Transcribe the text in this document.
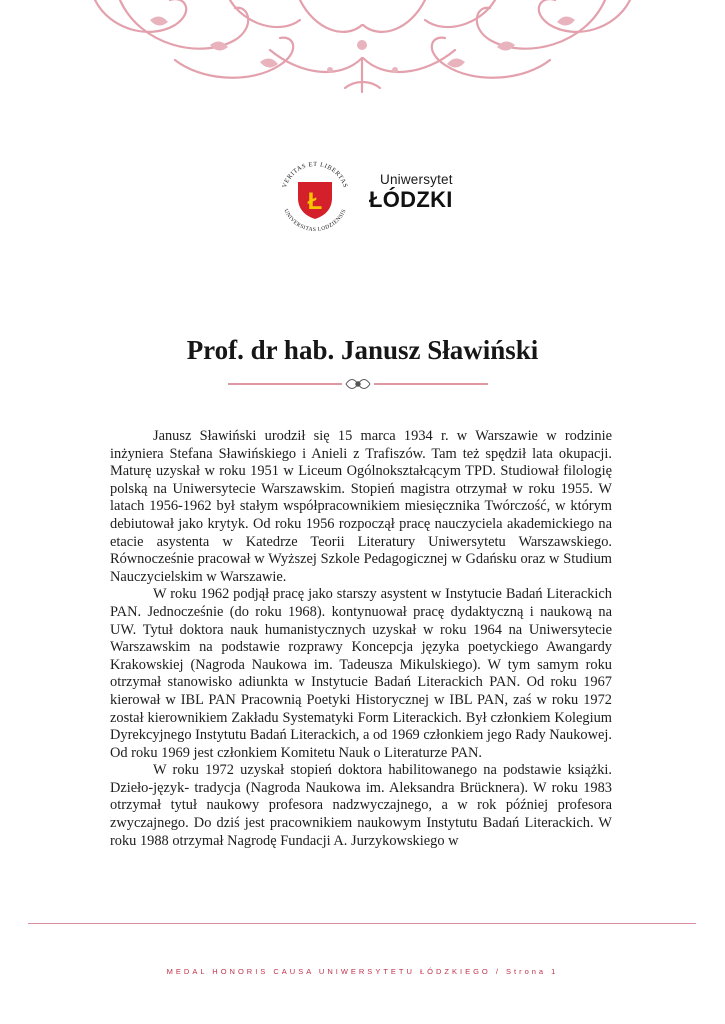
VERITAS ET LIBERTAS
UNIVERSITAS LODZIENSIS
Ł
Uniwersytet
ŁÓDZKI
Prof. dr hab. Janusz Sławiński

Janusz Sławiński urodził się 15 marca 1934 r. w Warszawie w rodzinie inżyniera Stefana Sławińskiego i Anieli z Trafiszów. Tam też spędził lata okupacji. Maturę uzyskał w roku 1951 w Liceum Ogólnokształcącym TPD. Studiował filologię polską na Uniwersytecie Warszawskim. Stopień magistra otrzymał w roku 1955. W latach 1956-1962 był stałym współpracownikiem miesięcznika Twórczość, w którym debiutował jako krytyk. Od roku 1956 rozpoczął pracę nauczyciela akademickiego na etacie asystenta w Katedrze Teorii Literatury Uniwersytetu Warszawskiego. Równocześnie pracował w Wyższej Szkole Pedagogicznej w Gdańsku oraz w Studium Nauczycielskim w Warszawie.

W roku 1962 podjął pracę jako starszy asystent w Instytucie Badań Literackich PAN. Jednocześnie (do roku 1968). kontynuował pracę dydaktyczną i naukową na UW. Tytuł doktora nauk humanistycznych uzyskał w roku 1964 na Uniwersytecie Warszawskim na podstawie rozprawy Koncepcja języka poetyckiego Awangardy Krakowskiej (Nagroda Naukowa im. Tadeusza Mikulskiego). W tym samym roku otrzymał stanowisko adiunkta w Instytucie Badań Literackich PAN. Od roku 1967 kierował w IBL PAN Pracownią Poetyki Historycznej w IBL PAN, zaś w roku 1972 został kierownikiem Zakładu Systematyki Form Literackich. Był członkiem Kolegium Dyrekcyjnego Instytutu Badań Literackich, a od 1969 członkiem jego Rady Naukowej. Od roku 1969 jest członkiem Komitetu Nauk o Literaturze PAN.

W roku 1972 uzyskał stopień doktora habilitowanego na podstawie książki. Dzieło-język- tradycja (Nagroda Naukowa im. Aleksandra Brücknera). W roku 1983 otrzymał tytuł naukowy profesora nadzwyczajnego, a w rok później profesora zwyczajnego. Do dziś jest pracownikiem naukowym Instytutu Badań Literackich. W roku 1988 otrzymał Nagrodę Fundacji A. Jurzykowskiego w

MEDAL HONORIS CAUSA UNIWERSYTETU ŁÓDZKIEGO / Strona 1
